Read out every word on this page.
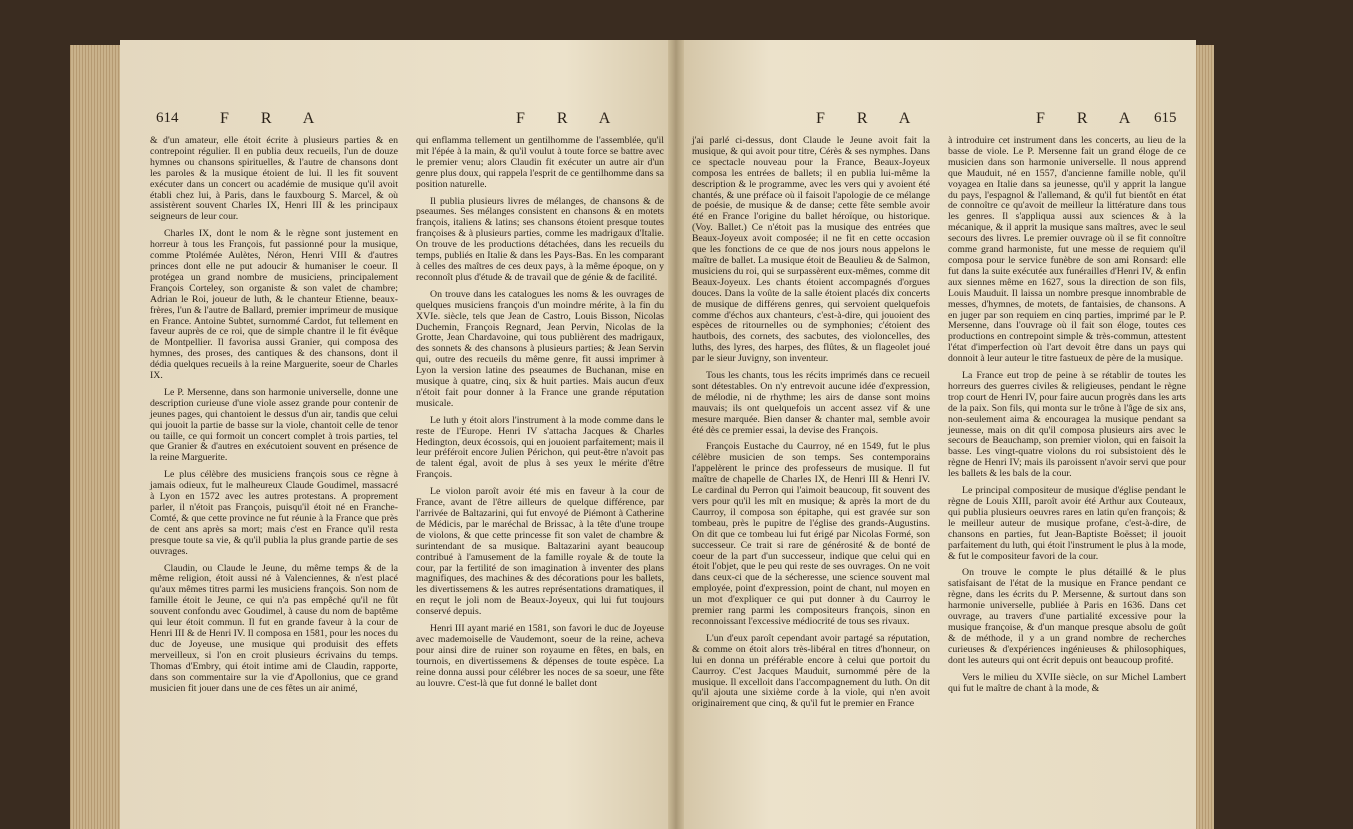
614	F R A	F R A

& d'un amateur, elle étoit écrite à plusieurs parties & en contrepoint régulier. Il en publia deux recueils, l'un de douze hymnes ou chansons spirituelles, & l'autre de chansons dont les paroles & la musique étoient de lui. Il les fit souvent exécuter dans un concert ou académie de musique qu'il avoit établi chez lui, à Paris, dans le fauxbourg S. Marcel, & où assistèrent souvent Charles IX, Henri III & les principaux seigneurs de leur cour.

Charles IX, dont le nom & le règne sont justement en horreur à tous les François, fut passionné pour la musique, comme Ptolémée Aulètes, Néron, Henri VIII & d'autres princes dont elle ne put adoucir & humaniser le coeur. Il protégea un grand nombre de musiciens, principalement François Corteley, son organiste & son valet de chambre; Adrian le Roi, joueur de luth, & le chanteur Etienne, beaux-frères, l'un & l'autre de Ballard, premier imprimeur de musique en France. Antoine Subtet, surnommé Cardot, fut tellement en faveur auprès de ce roi, que de simple chantre il le fit évêque de Montpellier. Il favorisa aussi Granier, qui composa des hymnes, des proses, des cantiques & des chansons, dont il dédia quelques recueils à la reine Marguerite, soeur de Charles IX.

Le P. Mersenne, dans son harmonie universelle, donne une description curieuse d'une viole assez grande pour contenir de jeunes pages, qui chantoient le dessus d'un air, tandis que celui qui jouoit la partie de basse sur la viole, chantoit celle de tenor ou taille, ce qui formoit un concert complet à trois parties, tel que Granier & d'autres en exécutoient souvent en présence de la reine Marguerite.

Le plus célèbre des musiciens françois sous ce règne à jamais odieux, fut le malheureux Claude Goudimel, massacré à Lyon en 1572 avec les autres protestans. A proprement parler, il n'étoit pas François, puisqu'il étoit né en Franche-Comté, & que cette province ne fut réunie à la France que près de cent ans après sa mort; mais c'est en France qu'il resta presque toute sa vie, & qu'il publia la plus grande partie de ses ouvrages.

Claudin, ou Claude le Jeune, du même temps & de la même religion, étoit aussi né à Valenciennes, & n'est placé qu'aux mêmes titres parmi les musiciens françois. Son nom de famille étoit le Jeune, ce qui n'a pas empêché qu'il ne fût souvent confondu avec Goudimel, à cause du nom de baptême qui leur étoit commun. Il fut en grande faveur à la cour de Henri III & de Henri IV. Il composa en 1581, pour les noces du duc de Joyeuse, une musique qui produisit des effets merveilleux, si l'on en croit plusieurs écrivains du temps. Thomas d'Embry, qui étoit intime ami de Claudin, rapporte, dans son commentaire sur la vie d'Apollonius, que ce grand musicien fit jouer dans une de ces fêtes un air animé,

qui enflamma tellement un gentilhomme de l'assemblée, qu'il mit l'épée à la main, & qu'il voulut à toute force se battre avec le premier venu; alors Claudin fit exécuter un autre air d'un genre plus doux, qui rappela l'esprit de ce gentilhomme dans sa position naturelle.

Il publia plusieurs livres de mélanges, de chansons & de pseaumes. Ses mélanges consistent en chansons & en motets françois, italiens & latins; ses chansons étoient presque toutes françoises & à plusieurs parties, comme les madrigaux d'Italie. On trouve de les productions détachées, dans les recueils du temps, publiés en Italie & dans les Pays-Bas. En les comparant à celles des maîtres de ces deux pays, à la même époque, on y reconnoît plus d'étude & de travail que de génie & de facilité.

On trouve dans les catalogues les noms & les ouvrages de quelques musiciens françois d'un moindre mérite, à la fin du XVIe. siècle, tels que Jean de Castro, Louis Bisson, Nicolas Duchemin, François Regnard, Jean Pervin, Nicolas de la Grotte, Jean Chardavoine, qui tous publièrent des madrigaux, des sonnets & des chansons à plusieurs parties; & Jean Servin qui, outre des recueils du même genre, fit aussi imprimer à Lyon la version latine des pseaumes de Buchanan, mise en musique à quatre, cinq, six & huit parties. Mais aucun d'eux n'étoit fait pour donner à la France une grande réputation musicale.

Le luth y étoit alors l'instrument à la mode comme dans le reste de l'Europe. Henri IV s'attacha Jacques & Charles Hedington, deux écossois, qui en jouoient parfaitement; mais il leur préféroit encore Julien Périchon, qui peut-être n'avoit pas de talent égal, avoit de plus à ses yeux le mérite d'être François.

Le violon paroît avoir été mis en faveur à la cour de France, avant de l'être ailleurs de quelque différence, par l'arrivée de Baltazarini, qui fut envoyé de Piémont à Catherine de Médicis, par le maréchal de Brissac, à la tête d'une troupe de violons, & que cette princesse fit son valet de chambre & surintendant de sa musique. Baltazarini ayant beaucoup contribué à l'amusement de la famille royale & de toute la cour, par la fertilité de son imagination à inventer des plans magnifiques, des machines & des décorations pour les ballets, les divertissemens & les autres représentations dramatiques, il en reçut le joli nom de Beaux-Joyeux, qui lui fut toujours conservé depuis.

Henri III ayant marié en 1581, son favori le duc de Joyeuse avec mademoiselle de Vaudemont, soeur de la reine, acheva pour ainsi dire de ruiner son royaume en fêtes, en bals, en tournois, en divertissemens & dépenses de toute espèce. La reine donna aussi pour célébrer les noces de sa soeur, une fête au louvre. C'est-là que fut donné le ballet dont

F R A	F R A 615

j'ai parlé ci-dessus, dont Claude le Jeune avoit fait la musique, & qui avoit pour titre, Cérès & ses nymphes. Dans ce spectacle nouveau pour la France, Beaux-Joyeux composa les entrées de ballets; il en publia lui-même la description & le programme, avec les vers qui y avoient été chantés, & une préface où il faisoit l'apologie de ce mélange de poésie, de musique & de danse; cette fête semble avoir été en France l'origine du ballet héroïque, ou historique. (Voy. Ballet.) Ce n'étoit pas la musique des entrées que Beaux-Joyeux avoit composée; il ne fit en cette occasion que les fonctions de ce que de nos jours nous appelons le maître de ballet. La musique étoit de Beaulieu & de Salmon, musiciens du roi, qui se surpassèrent eux-mêmes, comme dit Beaux-Joyeux. Les chants étoient accompagnés d'orgues douces. Dans la voûte de la salle étoient placés dix concerts de musique de différens genres, qui servoient quelquefois comme d'échos aux chanteurs, c'est-à-dire, qui jouoient des espèces de ritournelles ou de symphonies; c'étoient des hautbois, des cornets, des sacbutes, des violoncelles, des luths, des lyres, des harpes, des flûtes, & un flageolet joué par le sieur Juvigny, son inventeur.

Tous les chants, tous les récits imprimés dans ce recueil sont détestables. On n'y entrevoit aucune idée d'expression, de mélodie, ni de rhythme; les airs de danse sont moins mauvais; ils ont quelquefois un accent assez vif & une mesure marquée. Bien danser & chanter mal, semble avoir été dès ce premier essai, la devise des François.

François Eustache du Caurroy, né en 1549, fut le plus célèbre musicien de son temps. Ses contemporains l'appelèrent le prince des professeurs de musique. Il fut maître de chapelle de Charles IX, de Henri III & Henri IV. Le cardinal du Perron qui l'aimoit beaucoup, fit souvent des vers pour qu'il les mît en musique; & après la mort de du Caurroy, il composa son épitaphe, qui est gravée sur son tombeau, près le pupitre de l'église des grands-Augustins. On dit que ce tombeau lui fut érigé par Nicolas Formé, son successeur. Ce trait si rare de générosité & de bonté de coeur de la part d'un successeur, indique que celui qui en étoit l'objet, que le peu qui reste de ses ouvrages. On ne voit dans ceux-ci que de la sécheresse, une science souvent mal employée, point d'expression, point de chant, nul moyen en un mot d'expliquer ce qui put donner à du Caurroy le premier rang parmi les compositeurs françois, sinon en reconnoissant l'excessive médiocrité de tous ses rivaux.

L'un d'eux paroît cependant avoir partagé sa réputation, & comme on étoit alors très-libéral en titres d'honneur, on lui en donna un préférable encore à celui que portoit du Caurroy. C'est Jacques Mauduit, surnommé père de la musique. Il excelloit dans l'accompagnement du luth. On dit qu'il ajouta une sixième corde à la viole, qui n'en avoit originairement que cinq, & qu'il fut le premier en France

à introduire cet instrument dans les concerts, au lieu de la basse de viole. Le P. Mersenne fait un grand éloge de ce musicien dans son harmonie universelle. Il nous apprend que Mauduit, né en 1557, d'ancienne famille noble, qu'il voyagea en Italie dans sa jeunesse, qu'il y apprit la langue du pays, l'espagnol & l'allemand, & qu'il fut bientôt en état de connoître ce qu'avoit de meilleur la littérature dans tous les genres. Il s'appliqua aussi aux sciences & à la mécanique, & il apprit la musique sans maîtres, avec le seul secours des livres. Le premier ouvrage où il se fit connoître comme grand harmoniste, fut une messe de requiem qu'il composa pour le service funèbre de son ami Ronsard: elle fut dans la suite exécutée aux funérailles d'Henri IV, & enfin aux siennes même en 1627, sous la direction de son fils, Louis Mauduit. Il laissa un nombre presque innombrable de messes, d'hymnes, de motets, de fantaisies, de chansons. A en juger par son requiem en cinq parties, imprimé par le P. Mersenne, dans l'ouvrage où il fait son éloge, toutes ces productions en contrepoint simple & très-commun, attestent l'état d'imperfection où l'art devoit être dans un pays qui donnoit à leur auteur le titre fastueux de père de la musique.

La France eut trop de peine à se rétablir de toutes les horreurs des guerres civiles & religieuses, pendant le règne trop court de Henri IV, pour faire aucun progrès dans les arts de la paix. Son fils, qui monta sur le trône à l'âge de six ans, non-seulement aima & encouragea la musique pendant sa jeunesse, mais on dit qu'il composa plusieurs airs avec le secours de Beauchamp, son premier violon, qui en faisoit la basse. Les vingt-quatre violons du roi subsistoient dès le règne de Henri IV; mais ils paroissent n'avoir servi que pour les ballets & les bals de la cour.

Le principal compositeur de musique d'église pendant le règne de Louis XIII, paroît avoir été Arthur aux Couteaux, qui publia plusieurs oeuvres rares en latin qu'en françois; & le meilleur auteur de musique profane, c'est-à-dire, de chansons en parties, fut Jean-Baptiste Boësset; il jouoit parfaitement du luth, qui étoit l'instrument le plus à la mode, & fut le compositeur favori de la cour.

On trouve le compte le plus détaillé & le plus satisfaisant de l'état de la musique en France pendant ce règne, dans les écrits du P. Mersenne, & surtout dans son harmonie universelle, publiée à Paris en 1636. Dans cet ouvrage, au travers d'une partialité excessive pour la musique françoise, & d'un manque presque absolu de goût & de méthode, il y a un grand nombre de recherches curieuses & d'expériences ingénieuses & philosophiques, dont les auteurs qui ont écrit depuis ont beaucoup profité.

Vers le milieu du XVIIe siècle, on sur Michel Lambert qui fut le maître de chant à la mode, &
